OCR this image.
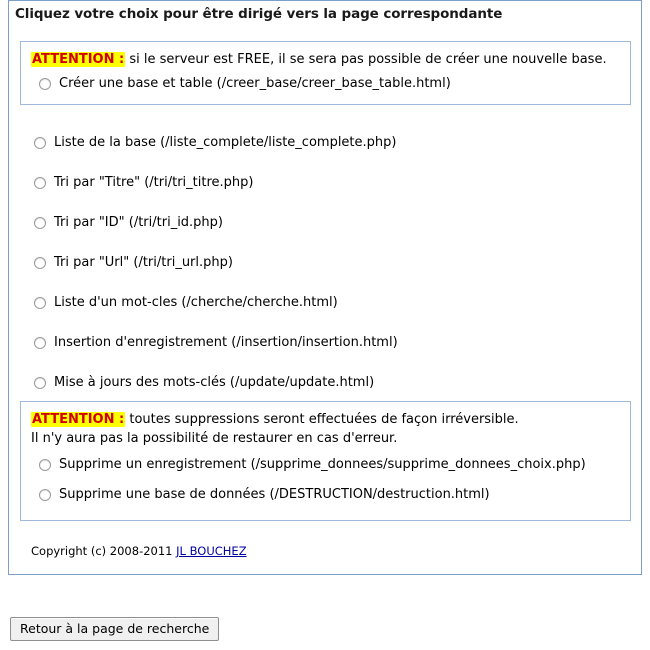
Cliquez votre choix pour être dirigé vers la page correspondante
ATTENTION : si le serveur est FREE, il se sera pas possible de créer une nouvelle base.
Créer une base et table (/creer_base/creer_base_table.html)
Liste de la base (/liste_complete/liste_complete.php)
Tri par "Titre" (/tri/tri_titre.php)
Tri par "ID" (/tri/tri_id.php)
Tri par "Url" (/tri/tri_url.php)
Liste d'un mot-cles (/cherche/cherche.html)
Insertion d'enregistrement (/insertion/insertion.html)
Mise à jours des mots-clés (/update/update.html)
ATTENTION : toutes suppressions seront effectuées de façon irréversible.
Il n'y aura pas la possibilité de restaurer en cas d'erreur.
Supprime un enregistrement (/supprime_donnees/supprime_donnees_choix.php)
Supprime une base de données (/DESTRUCTION/destruction.html)
Copyright (c) 2008-2011 JL BOUCHEZ
Retour à la page de recherche
